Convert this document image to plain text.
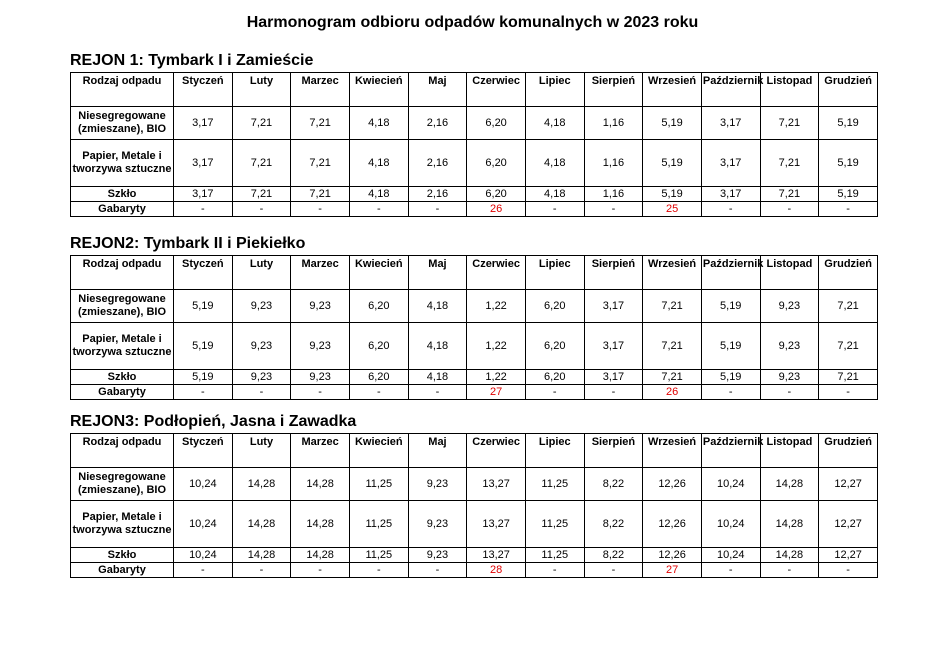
Harmonogram odbioru odpadów komunalnych w 2023 roku
REJON 1: Tymbark I i Zamieście
Rodzaj odpadu	Styczeń	Luty	Marzec	Kwiecień	Maj	Czerwiec	Lipiec	Sierpień	Wrzesień	Październik	Listopad	Grudzień
Niesegregowane (zmieszane), BIO	3,17	7,21	7,21	4,18	2,16	6,20	4,18	1,16	5,19	3,17	7,21	5,19
Papier, Metale i tworzywa sztuczne	3,17	7,21	7,21	4,18	2,16	6,20	4,18	1,16	5,19	3,17	7,21	5,19
Szkło	3,17	7,21	7,21	4,18	2,16	6,20	4,18	1,16	5,19	3,17	7,21	5,19
Gabaryty	-	-	-	-	-	26	-	-	25	-	-	-
REJON2: Tymbark II i Piekiełko
Rodzaj odpadu	Styczeń	Luty	Marzec	Kwiecień	Maj	Czerwiec	Lipiec	Sierpień	Wrzesień	Październik	Listopad	Grudzień
Niesegregowane (zmieszane), BIO	5,19	9,23	9,23	6,20	4,18	1,22	6,20	3,17	7,21	5,19	9,23	7,21
Papier, Metale i tworzywa sztuczne	5,19	9,23	9,23	6,20	4,18	1,22	6,20	3,17	7,21	5,19	9,23	7,21
Szkło	5,19	9,23	9,23	6,20	4,18	1,22	6,20	3,17	7,21	5,19	9,23	7,21
Gabaryty	-	-	-	-	-	27	-	-	26	-	-	-
REJON3: Podłopień, Jasna i Zawadka
Rodzaj odpadu	Styczeń	Luty	Marzec	Kwiecień	Maj	Czerwiec	Lipiec	Sierpień	Wrzesień	Październik	Listopad	Grudzień
Niesegregowane (zmieszane), BIO	10,24	14,28	14,28	11,25	9,23	13,27	11,25	8,22	12,26	10,24	14,28	12,27
Papier, Metale i tworzywa sztuczne	10,24	14,28	14,28	11,25	9,23	13,27	11,25	8,22	12,26	10,24	14,28	12,27
Szkło	10,24	14,28	14,28	11,25	9,23	13,27	11,25	8,22	12,26	10,24	14,28	12,27
Gabaryty	-	-	-	-	-	28	-	-	27	-	-	-
